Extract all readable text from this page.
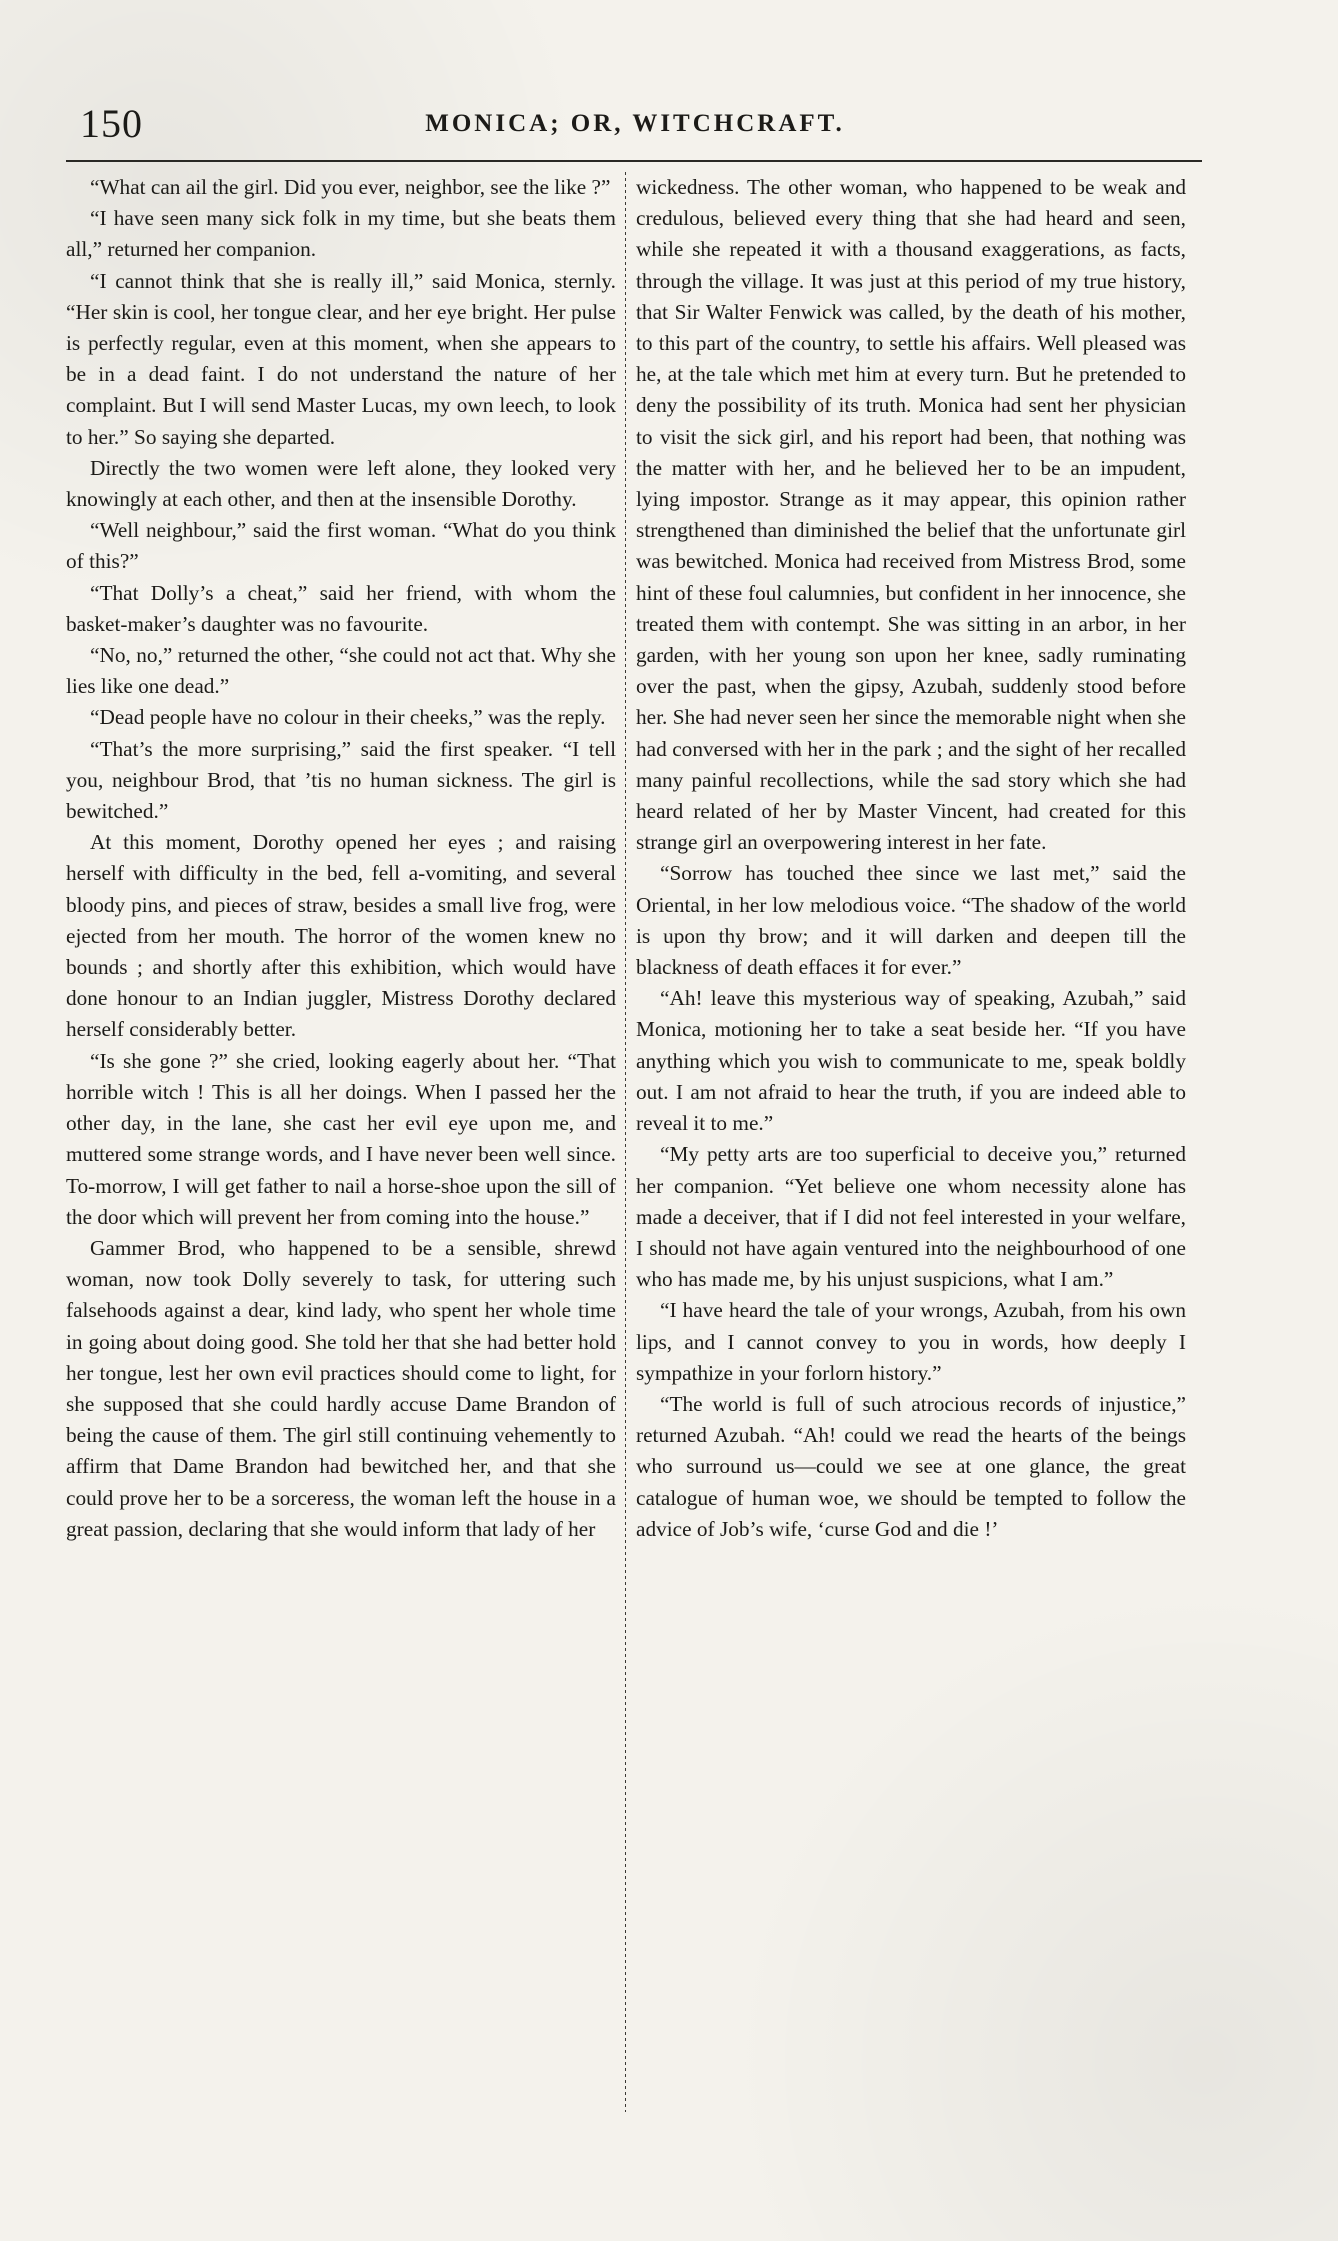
150	MONICA; OR, WITCHCRAFT.

“What can ail the girl. Did you ever, neighbor, see the like ?”

“I have seen many sick folk in my time, but she beats them all,” returned her companion.

“I cannot think that she is really ill,” said Monica, sternly. “Her skin is cool, her tongue clear, and her eye bright. Her pulse is perfectly regular, even at this moment, when she appears to be in a dead faint. I do not understand the nature of her complaint. But I will send Master Lucas, my own leech, to look to her.” So saying she departed.

Directly the two women were left alone, they looked very knowingly at each other, and then at the insensible Dorothy.

“Well neighbour,” said the first woman. “What do you think of this?”

“That Dolly’s a cheat,” said her friend, with whom the basket-maker’s daughter was no favourite.

“No, no,” returned the other, “she could not act that. Why she lies like one dead.”

“Dead people have no colour in their cheeks,” was the reply.

“That’s the more surprising,” said the first speaker. “I tell you, neighbour Brod, that ’tis no human sickness. The girl is bewitched.”

At this moment, Dorothy opened her eyes ; and raising herself with difficulty in the bed, fell a-vomiting, and several bloody pins, and pieces of straw, besides a small live frog, were ejected from her mouth. The horror of the women knew no bounds ; and shortly after this exhibition, which would have done honour to an Indian juggler, Mistress Dorothy declared herself considerably better.

“Is she gone ?” she cried, looking eagerly about her. “That horrible witch ! This is all her doings. When I passed her the other day, in the lane, she cast her evil eye upon me, and muttered some strange words, and I have never been well since. To-morrow, I will get father to nail a horse-shoe upon the sill of the door which will prevent her from coming into the house.”

Gammer Brod, who happened to be a sensible, shrewd woman, now took Dolly severely to task, for uttering such falsehoods against a dear, kind lady, who spent her whole time in going about doing good. She told her that she had better hold her tongue, lest her own evil practices should come to light, for she supposed that she could hardly accuse Dame Brandon of being the cause of them. The girl still continuing vehemently to affirm that Dame Brandon had bewitched her, and that she could prove her to be a sorceress, the woman left the house in a great passion, declaring that she would inform that lady of her

wickedness. The other woman, who happened to be weak and credulous, believed every thing that she had heard and seen, while she repeated it with a thousand exaggerations, as facts, through the village. It was just at this period of my true history, that Sir Walter Fenwick was called, by the death of his mother, to this part of the country, to settle his affairs. Well pleased was he, at the tale which met him at every turn. But he pretended to deny the possibility of its truth. Monica had sent her physician to visit the sick girl, and his report had been, that nothing was the matter with her, and he believed her to be an impudent, lying impostor. Strange as it may appear, this opinion rather strengthened than diminished the belief that the unfortunate girl was bewitched. Monica had received from Mistress Brod, some hint of these foul calumnies, but confident in her innocence, she treated them with contempt. She was sitting in an arbor, in her garden, with her young son upon her knee, sadly ruminating over the past, when the gipsy, Azubah, suddenly stood before her. She had never seen her since the memorable night when she had conversed with her in the park ; and the sight of her recalled many painful recollections, while the sad story which she had heard related of her by Master Vincent, had created for this strange girl an overpowering interest in her fate.

“Sorrow has touched thee since we last met,” said the Oriental, in her low melodious voice. “The shadow of the world is upon thy brow; and it will darken and deepen till the blackness of death effaces it for ever.”

“Ah! leave this mysterious way of speaking, Azubah,” said Monica, motioning her to take a seat beside her. “If you have anything which you wish to communicate to me, speak boldly out. I am not afraid to hear the truth, if you are indeed able to reveal it to me.”

“My petty arts are too superficial to deceive you,” returned her companion. “Yet believe one whom necessity alone has made a deceiver, that if I did not feel interested in your welfare, I should not have again ventured into the neighbourhood of one who has made me, by his unjust suspicions, what I am.”

“I have heard the tale of your wrongs, Azubah, from his own lips, and I cannot convey to you in words, how deeply I sympathize in your forlorn history.”

“The world is full of such atrocious records of injustice,” returned Azubah. “Ah! could we read the hearts of the beings who surround us—could we see at one glance, the great catalogue of human woe, we should be tempted to follow the advice of Job’s wife, ‘curse God and die !’
